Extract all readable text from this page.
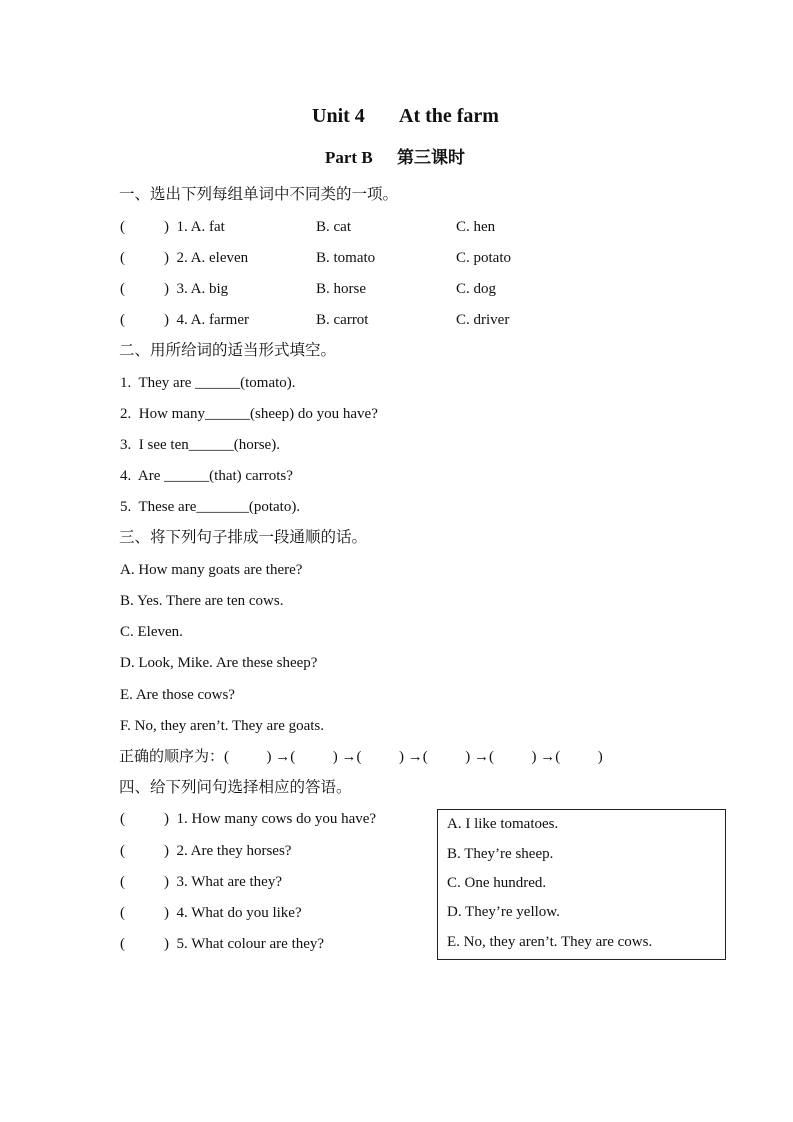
Unit 4 At the farm
Part B 第三课时
一、选出下列每组单词中不同类的一项。
(	)  1. A. fat	B. cat	C. hen
(	)  2. A. eleven	B. tomato	C. potato
(	)  3. A. big	B. horse	C. dog
(	)  4. A. farmer	B. carrot	C. driver
二、用所给词的适当形式填空。
1.  They are ______(tomato).
2.  How many______(sheep) do you have?
3.  I see ten______(horse).
4.  Are ______(that) carrots?
5.  These are_______(potato).
三、将下列句子排成一段通顺的话。
A. How many goats are there?
B. Yes. There are ten cows.
C. Eleven.
D. Look, Mike. Are these sheep?
E. Are those cows?
F. No, they aren’t. They are goats.
正确的顺序为：(          ) →(          ) →(          ) →(          ) →(          ) →(          )
四、给下列问句选择相应的答语。
(	)  1. How many cows do you have?
(	)  2. Are they horses?
(	)  3. What are they?
(	)  4. What do you like?
(	)  5. What colour are they?
A. I like tomatoes.
B. They’re sheep.
C. One hundred.
D. They’re yellow.
E. No, they aren’t. They are cows.
